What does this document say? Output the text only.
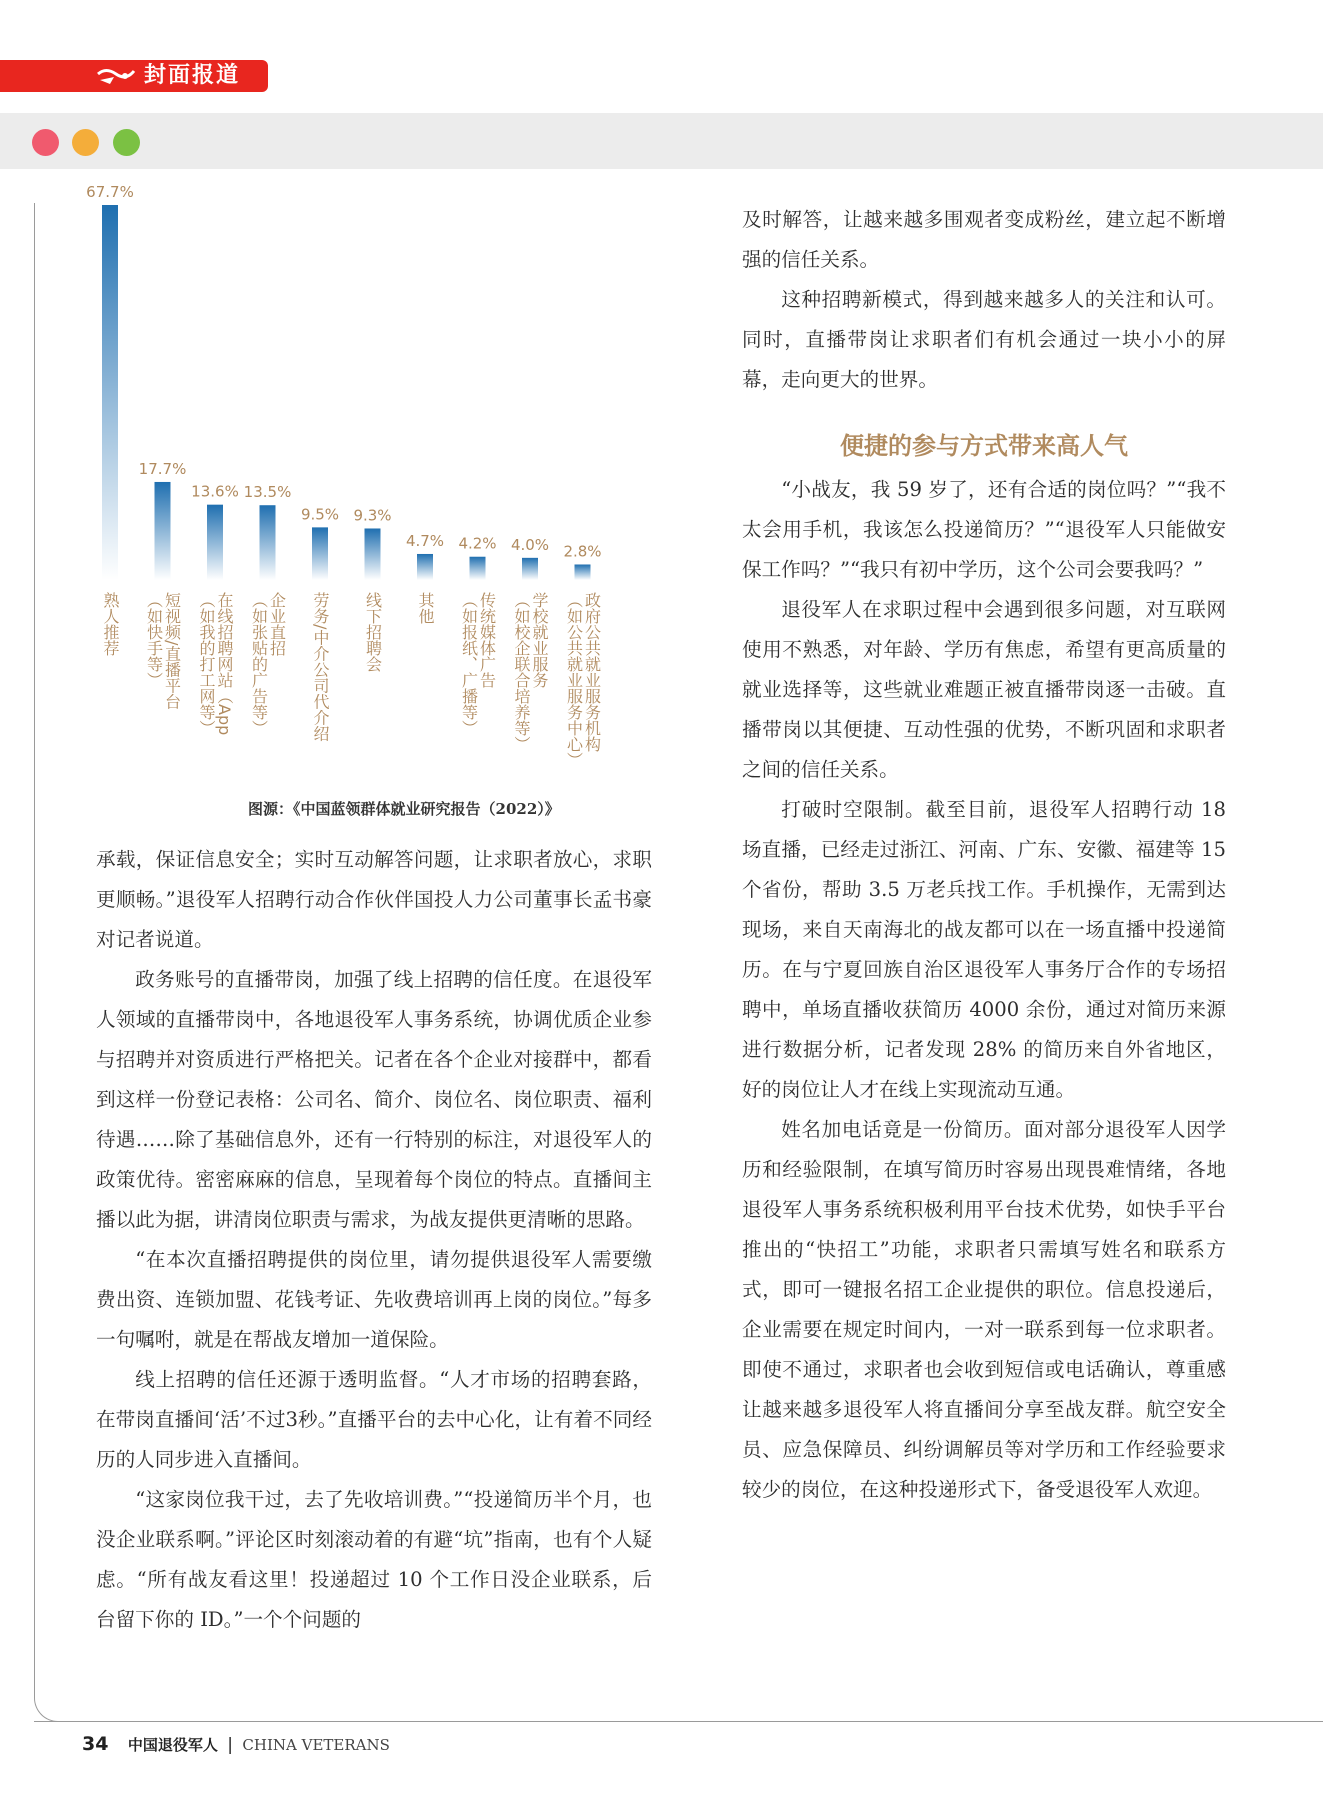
封面报道
67.7%
17.7%
13.6% 13.5%
9.5% 9.3%
4.7% 4.2% 4.0% 2.8%
熟人推荐	短视频/直播平台
（如快手等）	在线招聘网站（App
（如我的打工网等）	企业直招
（如张贴的广告等）	劳务/中介公司代介绍 线下招聘会 其他	传统媒体广告
（如报纸、广播等）	学校就业服务
（如校企联合培养等）	政府公共就业服务机构
（如公共就业服务中心）
图源：《中国蓝领群体就业研究报告（2022）》

承载，保证信息安全；实时互动解答问题，让求职者放心，求职更顺畅。”退役军人招聘行动合作伙伴国投人力公司董事长孟书豪对记者说道。

政务账号的直播带岗，加强了线上招聘的信任度。在退役军人领域的直播带岗中，各地退役军人事务系统，协调优质企业参与招聘并对资质进行严格把关。记者在各个企业对接群中，都看到这样一份登记表格：公司名、简介、岗位名、岗位职责、福利待遇……除了基础信息外，还有一行特别的标注，对退役军人的政策优待。密密麻麻的信息，呈现着每个岗位的特点。直播间主播以此为据，讲清岗位职责与需求，为战友提供更清晰的思路。

“在本次直播招聘提供的岗位里，请勿提供退役军人需要缴费出资、连锁加盟、花钱考证、先收费培训再上岗的岗位。”每多一句嘱咐，就是在帮战友增加一道保险。

线上招聘的信任还源于透明监督。“人才市场的招聘套路，在带岗直播间‘活’不过3秒。”直播平台的去中心化，让有着不同经历的人同步进入直播间。

“这家岗位我干过，去了先收培训费。”“投递简历半个月，也没企业联系啊。”评论区时刻滚动着的有避“坑”指南，也有个人疑虑。“所有战友看这里！投递超过 10 个工作日没企业联系，后台留下你的 ID。”一个个问题的

及时解答，让越来越多围观者变成粉丝，建立起不断增强的信任关系。

这种招聘新模式，得到越来越多人的关注和认可。同时，直播带岗让求职者们有机会通过一块小小的屏幕，走向更大的世界。

便捷的参与方式带来高人气

“小战友，我 59 岁了，还有合适的岗位吗？”“我不太会用手机，我该怎么投递简历？”“退役军人只能做安保工作吗？”“我只有初中学历，这个公司会要我吗？”

退役军人在求职过程中会遇到很多问题，对互联网使用不熟悉，对年龄、学历有焦虑，希望有更高质量的就业选择等，这些就业难题正被直播带岗逐一击破。直播带岗以其便捷、互动性强的优势，不断巩固和求职者之间的信任关系。

打破时空限制。截至目前，退役军人招聘行动 18 场直播，已经走过浙江、河南、广东、安徽、福建等 15 个省份，帮助 3.5 万老兵找工作。手机操作，无需到达现场，来自天南海北的战友都可以在一场直播中投递简历。在与宁夏回族自治区退役军人事务厅合作的专场招聘中，单场直播收获简历 4000 余份，通过对简历来源进行数据分析，记者发现 28% 的简历来自外省地区，好的岗位让人才在线上实现流动互通。

姓名加电话竟是一份简历。面对部分退役军人因学历和经验限制，在填写简历时容易出现畏难情绪，各地退役军人事务系统积极利用平台技术优势，如快手平台推出的“快招工”功能，求职者只需填写姓名和联系方式，即可一键报名招工企业提供的职位。信息投递后，企业需要在规定时间内，一对一联系到每一位求职者。即使不通过，求职者也会收到短信或电话确认，尊重感让越来越多退役军人将直播间分享至战友群。航空安全员、应急保障员、纠纷调解员等对学历和工作经验要求较少的岗位，在这种投递形式下，备受退役军人欢迎。

34 中国退役军人 | CHINA VETERANS
